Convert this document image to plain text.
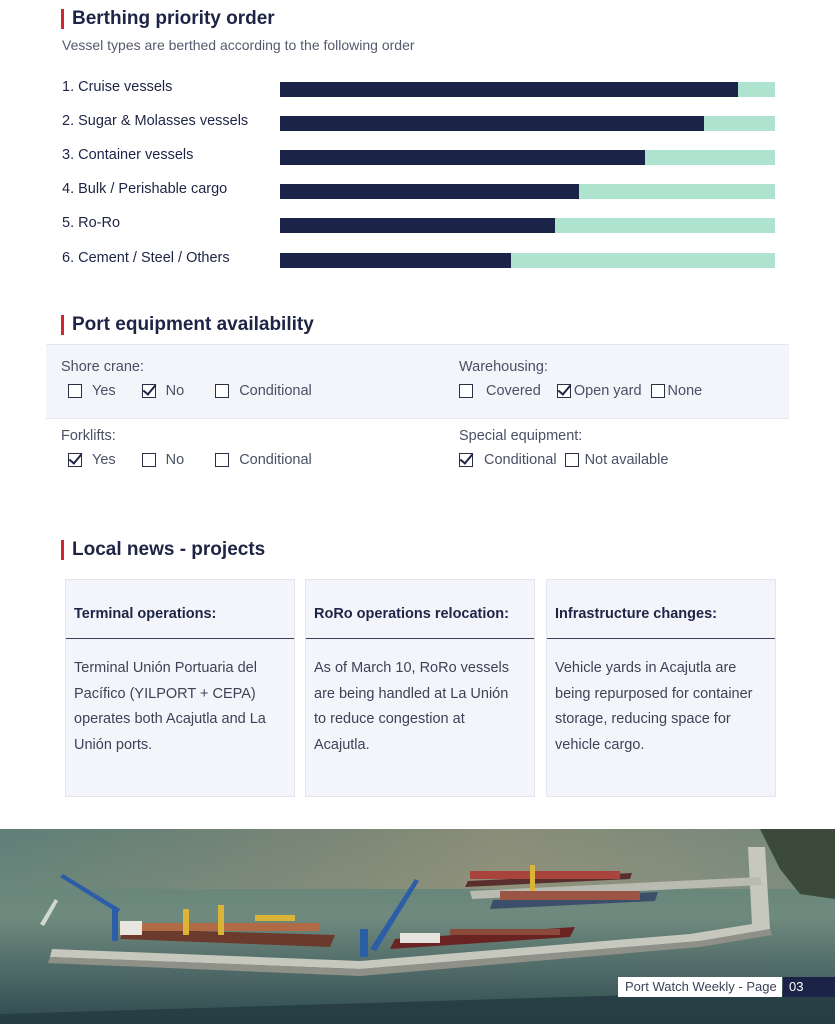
Berthing priority order
Vessel types are berthed according to the following order
1. Cruise vessels
2. Sugar & Molasses vessels
3. Container vessels
4. Bulk / Perishable cargo
5. Ro-Ro
6. Cement / Steel / Others
Port equipment availability
Shore crane:
Yes	No	Conditional
Warehousing:
Covered Open yard None
Forklifts:
Yes	No	Conditional
Special equipment:
Conditional Not available
Local news - projects
Terminal operations:
Terminal Unión Portuaria del Pacífico (YILPORT + CEPA) operates both Acajutla and La Unión ports.
RoRo operations relocation:
As of March 10, RoRo vessels are being handled at La Unión to reduce congestion at Acajutla.
Infrastructure changes:
Vehicle yards in Acajutla are being repurposed for container storage, reducing space for vehicle cargo.
Port Watch Weekly - Page 03
